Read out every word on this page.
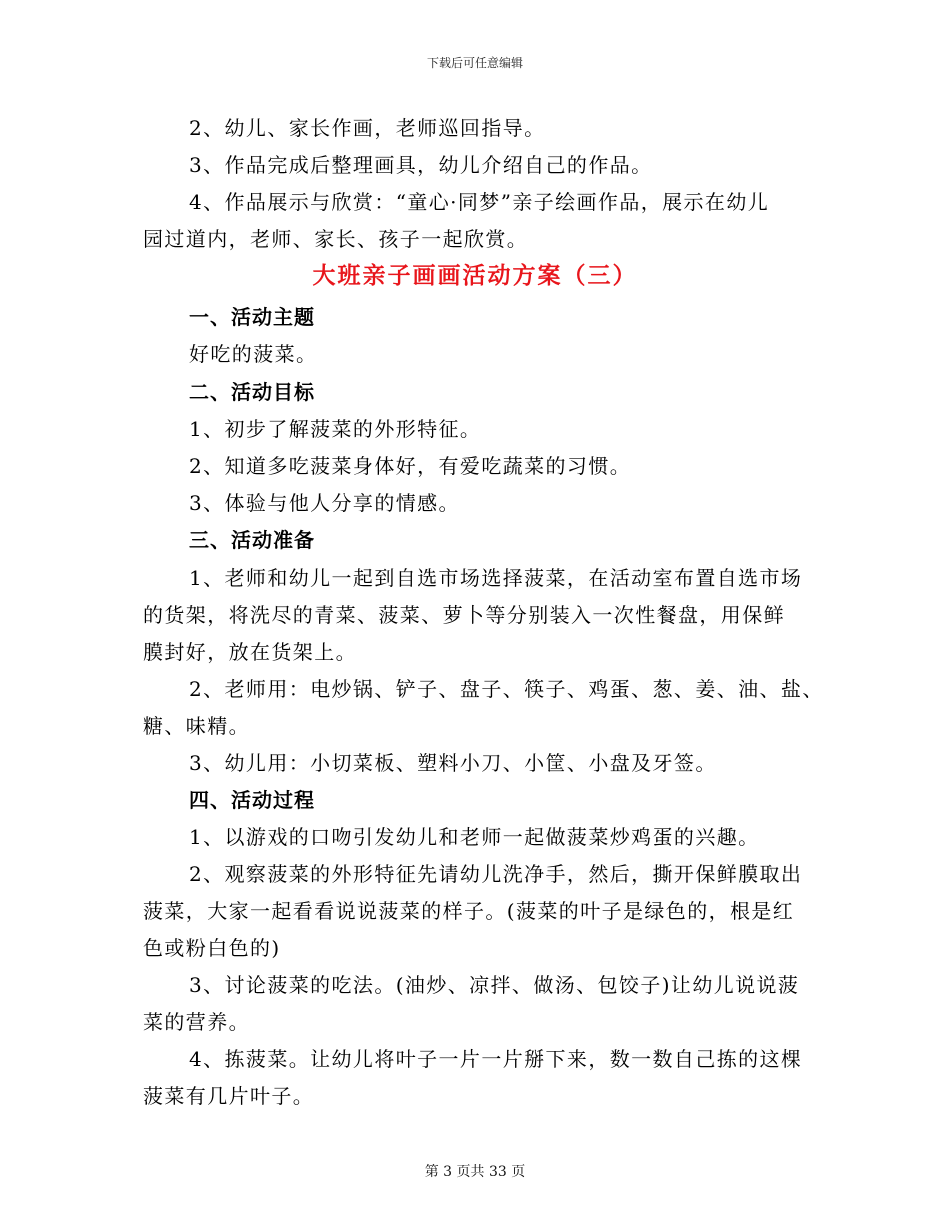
下载后可任意编辑
2、幼儿、家长作画，老师巡回指导。
3、作品完成后整理画具，幼儿介绍自己的作品。
4、作品展示与欣赏：“童心·同梦”亲子绘画作品，展示在幼儿
园过道内，老师、家长、孩子一起欣赏。
大班亲子画画活动方案（三）
一、活动主题
好吃的菠菜。
二、活动目标
1、初步了解菠菜的外形特征。
2、知道多吃菠菜身体好，有爱吃蔬菜的习惯。
3、体验与他人分享的情感。
三、活动准备
1、老师和幼儿一起到自选市场选择菠菜，在活动室布置自选市场
的货架，将洗尽的青菜、菠菜、萝卜等分别装入一次性餐盘，用保鲜
膜封好，放在货架上。
2、老师用：电炒锅、铲子、盘子、筷子、鸡蛋、葱、姜、油、盐、
糖、味精。
3、幼儿用：小切菜板、塑料小刀、小筐、小盘及牙签。
四、活动过程
1、以游戏的口吻引发幼儿和老师一起做菠菜炒鸡蛋的兴趣。
2、观察菠菜的外形特征先请幼儿洗净手，然后，撕开保鲜膜取出
菠菜，大家一起看看说说菠菜的样子。(菠菜的叶子是绿色的，根是红
色或粉白色的)
3、讨论菠菜的吃法。(油炒、凉拌、做汤、包饺子)让幼儿说说菠
菜的营养。
4、拣菠菜。让幼儿将叶子一片一片掰下来，数一数自己拣的这棵
菠菜有几片叶子。
第 3 页共 33 页
